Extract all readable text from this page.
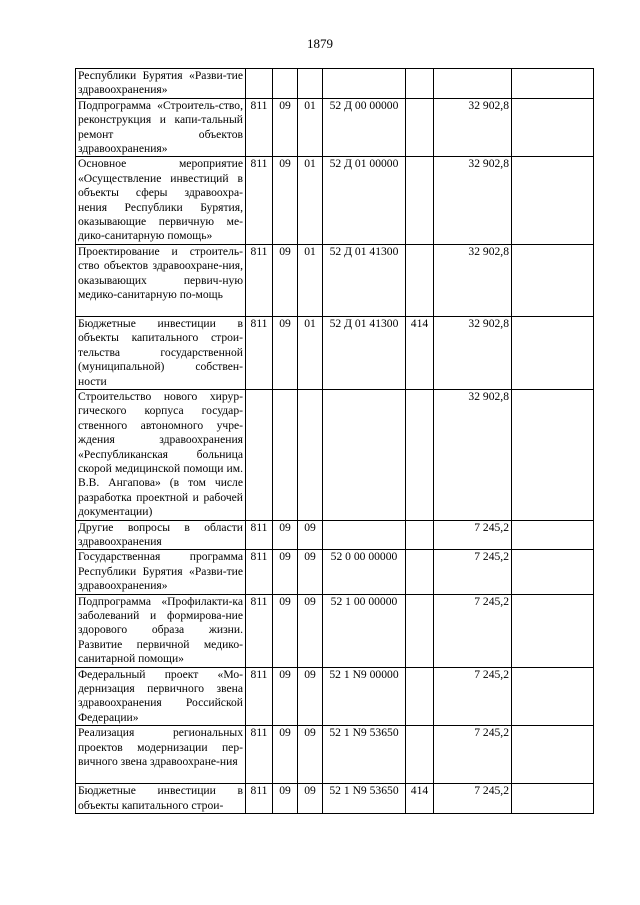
1879
Республики Бурятия «Разви-тие здравоохранения»							
Подпрограмма «Строитель-ство, реконструкция и капи-тальный ремонт объектов здравоохранения»	811	09	01	52 Д 00 00000		32 902,8	
Основное мероприятие «Осуществление инвестиций в объекты сферы здравоохра-нения Республики Бурятия, оказывающие первичную ме-дико-санитарную помощь»	811	09	01	52 Д 01 00000		32 902,8	
Проектирование и строитель-ство объектов здравоохране-ния, оказывающих первич-ную медико-санитарную по-мощь	811	09	01	52 Д 01 41300		32 902,8	
Бюджетные инвестиции в объекты капитального строи-тельства государственной (муниципальной) собствен-ности	811	09	01	52 Д 01 41300	414	32 902,8	
Строительство нового хирур-гического корпуса государ-ственного автономного учре-ждения здравоохранения «Республиканская больница скорой медицинской помощи им. В.В. Ангапова» (в том числе разработка проектной и рабочей документации)						32 902,8	
Другие вопросы в области здравоохранения	811	09	09			7 245,2	
Государственная программа Республики Бурятия «Разви-тие здравоохранения»	811	09	09	52 0 00 00000		7 245,2	
Подпрограмма «Профилакти-ка заболеваний и формирова-ние здорового образа жизни. Развитие первичной медико-санитарной помощи»	811	09	09	52 1 00 00000		7 245,2	
Федеральный проект «Мо-дернизация первичного звена здравоохранения Российской Федерации»	811	09	09	52 1 N9 00000		7 245,2	
Реализация региональных проектов модернизации пер-вичного звена здравоохране-ния	811	09	09	52 1 N9 53650		7 245,2	
Бюджетные инвестиции в объекты капитального строи-	811	09	09	52 1 N9 53650	414	7 245,2	
